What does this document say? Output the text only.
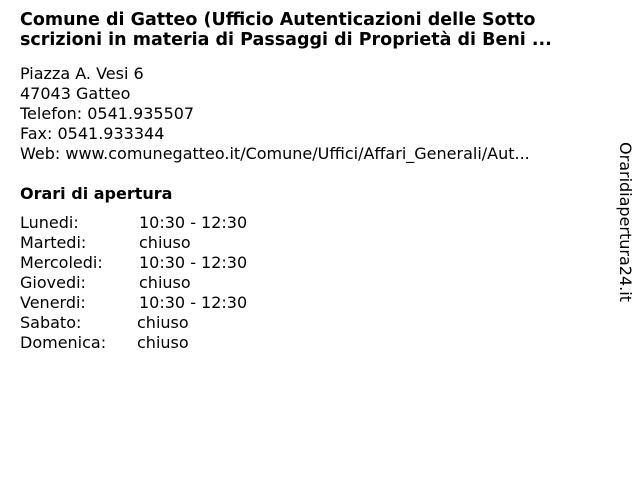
Comune di Gatteo (Ufficio Autenticazioni delle Sotto
scrizioni in materia di Passaggi di Proprietà di Beni ...
Piazza A. Vesi 6
47043 Gatteo
Telefon: 0541.935507
Fax: 0541.933344
Web: www.comunegatteo.it/Comune/Uffici/Affari_Generali/Aut...
Orari di apertura
Lunedi:	10:30 - 12:30
Martedi:	chiuso
Mercoledi: 10:30 - 12:30
Giovedi:	chiuso
Venerdi:	10:30 - 12:30
Sabato:	chiuso
Domenica: chiuso
Oraridiapertura24.it
